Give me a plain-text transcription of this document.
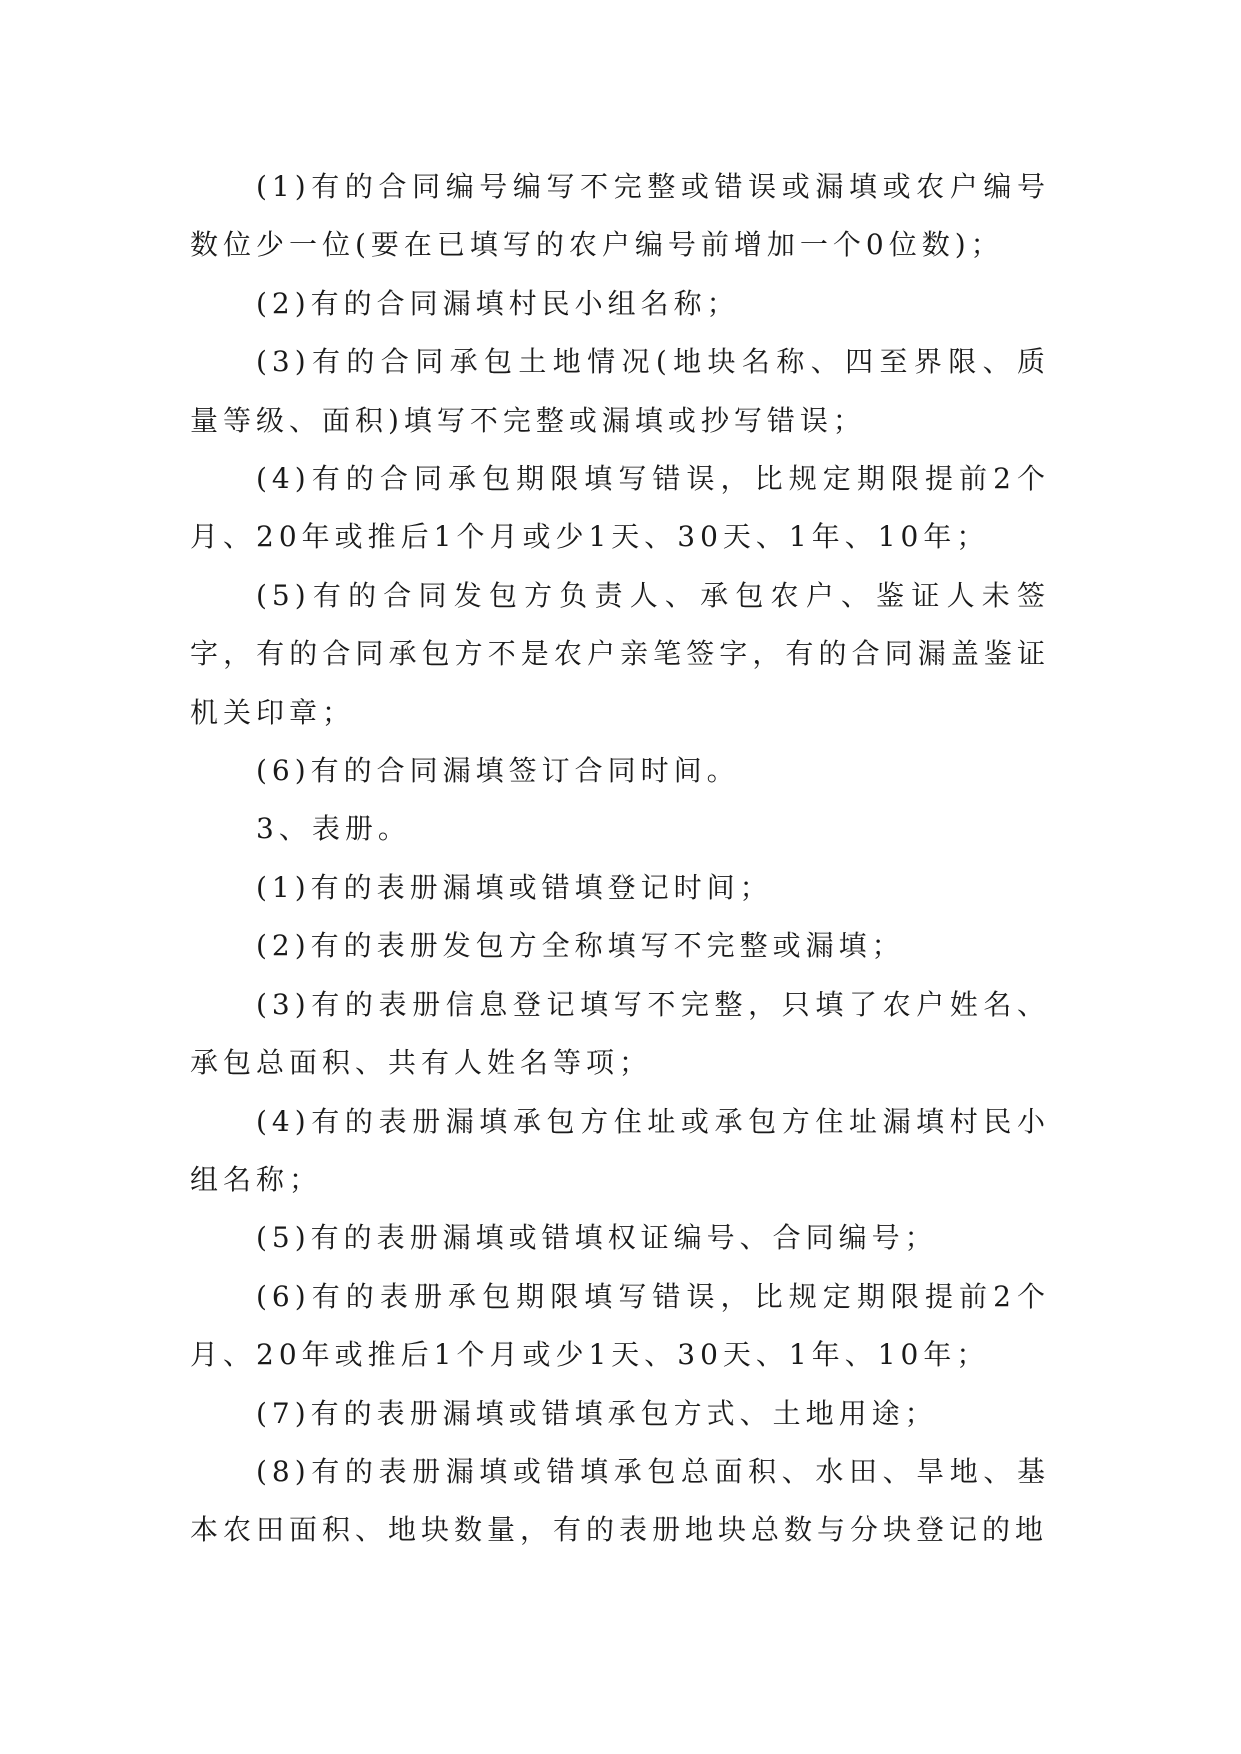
(1)有的合同编号编写不完整或错误或漏填或农户编号数位少一位(要在已填写的农户编号前增加一个0位数)；

(2)有的合同漏填村民小组名称；

(3)有的合同承包土地情况(地块名称、四至界限、质量等级、面积)填写不完整或漏填或抄写错误；

(4)有的合同承包期限填写错误，比规定期限提前2个月、20年或推后1个月或少1天、30天、1年、10年；

(5)有的合同发包方负责人、承包农户、鉴证人未签字，有的合同承包方不是农户亲笔签字，有的合同漏盖鉴证机关印章；

(6)有的合同漏填签订合同时间。

3、表册。

(1)有的表册漏填或错填登记时间；

(2)有的表册发包方全称填写不完整或漏填；

(3)有的表册信息登记填写不完整，只填了农户姓名、承包总面积、共有人姓名等项；

(4)有的表册漏填承包方住址或承包方住址漏填村民小组名称；

(5)有的表册漏填或错填权证编号、合同编号；

(6)有的表册承包期限填写错误，比规定期限提前2个月、20年或推后1个月或少1天、30天、1年、10年；

(7)有的表册漏填或错填承包方式、土地用途；

(8)有的表册漏填或错填承包总面积、水田、旱地、基本农田面积、地块数量，有的表册地块总数与分块登记的地
